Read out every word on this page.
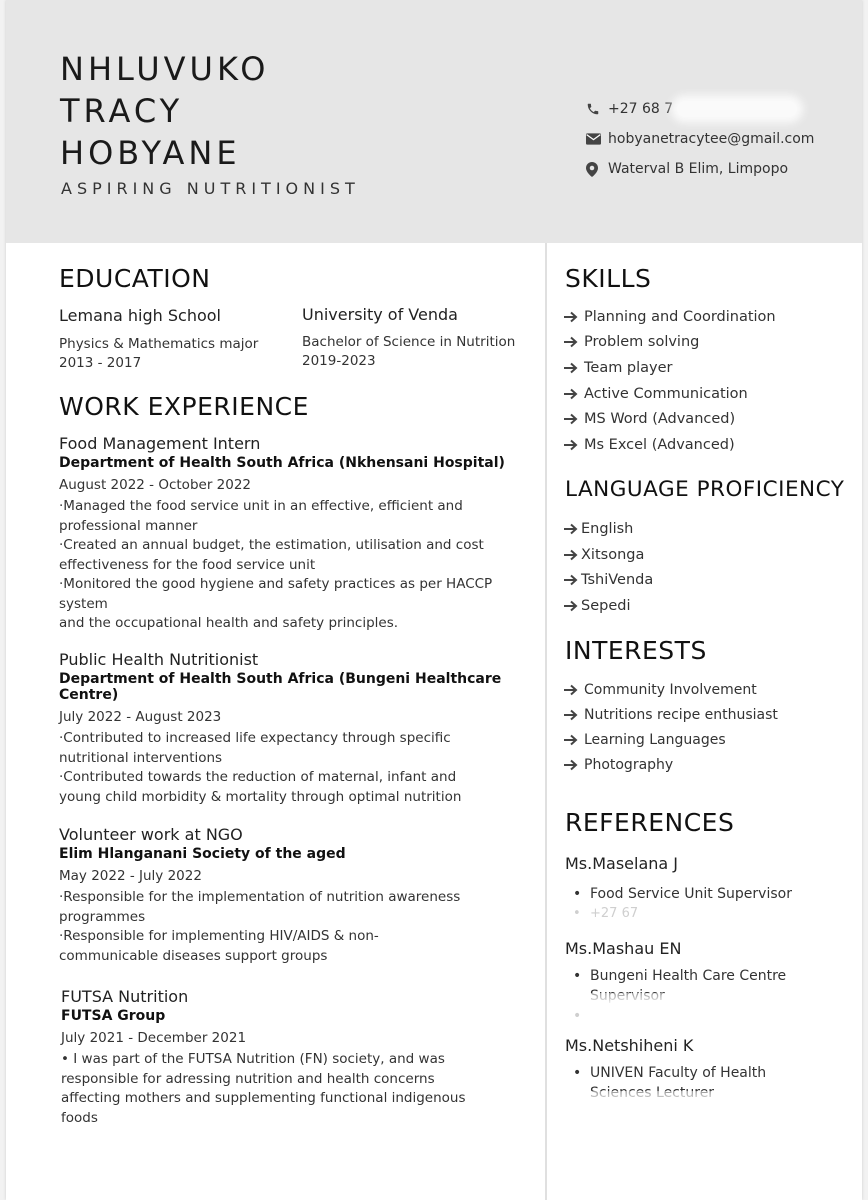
NHLUVUKO
TRACY
HOBYANE
ASPIRING NUTRITIONIST
+27 68 7
hobyanetracytee@gmail.com
Waterval B Elim, Limpopo
EDUCATION
Lemana high School
Physics & Mathematics major
2013 - 2017
University of Venda
Bachelor of Science in Nutrition
2019-2023
WORK EXPERIENCE
Food Management Intern
Department of Health South Africa (Nkhensani Hospital)
August 2022 - October 2022
·Managed the food service unit in an effective, efficient and
professional manner
·Created an annual budget, the estimation, utilisation and cost
effectiveness for the food service unit
·Monitored the good hygiene and safety practices as per HACCP
system
and the occupational health and safety principles.
Public Health Nutritionist
Department of Health South Africa (Bungeni Healthcare Centre)
July 2022 - August 2023
·Contributed to increased life expectancy through specific
nutritional interventions
·Contributed towards the reduction of maternal, infant and
young child morbidity & mortality through optimal nutrition
Volunteer work at NGO
Elim Hlanganani Society of the aged
May 2022 - July 2022
·Responsible for the implementation of nutrition awareness
programmes
·Responsible for implementing HIV/AIDS & non-
communicable diseases support groups
FUTSA Nutrition
FUTSA Group
July 2021 - December 2021
• I was part of the FUTSA Nutrition (FN) society, and was
responsible for adressing nutrition and health concerns
affecting mothers and supplementing functional indigenous
foods
SKILLS
Planning and Coordination
Problem solving
Team player
Active Communication
MS Word (Advanced)
Ms Excel (Advanced)
LANGUAGE PROFICIENCY
English
Xitsonga
TshiVenda
Sepedi
INTERESTS
Community Involvement
Nutritions recipe enthusiast
Learning Languages
Photography
REFERENCES
Ms.Maselana J
• Food Service Unit Supervisor
• +27 67
Ms.Mashau EN
• Bungeni Health Care Centre
•
Ms.Netshiheni K
• UNIVEN Faculty of Health
